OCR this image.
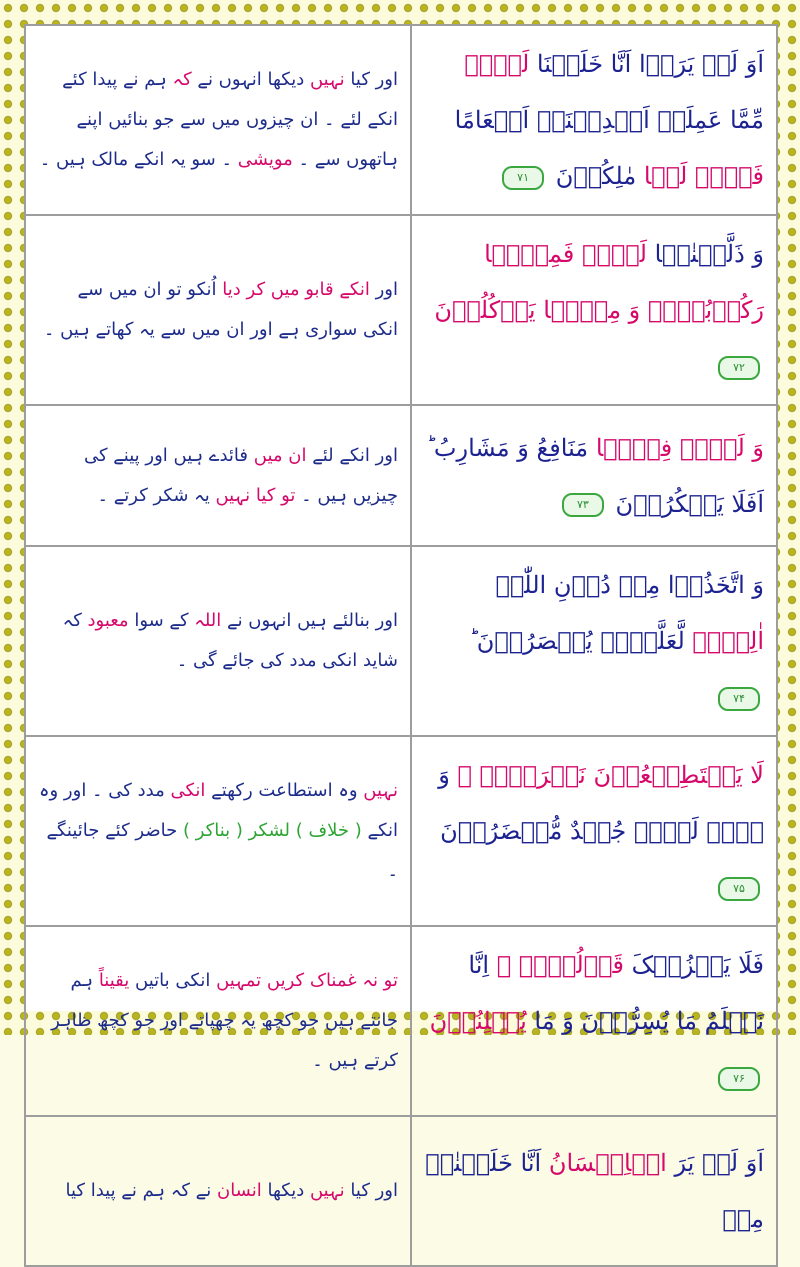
اور کیا نہیں دیکھا انہوں نے کہ ہم نے پیدا کئے انکے لئے ۔ ان چیزوں میں سے جو بنائیں اپنے ہاتھوں سے ۔ مویشی ۔ سو یہ انکے مالک ہیں ۔	اَوَ لَمۡ یَرَوۡا اَنَّا خَلَقۡنَا لَہُمۡ مِّمَّا عَمِلَتۡ اَیۡدِیۡنَاۤ اَنۡعَامًا فَہُمۡ لَہَا مٰلِکُوۡنَ ۷۱
اور انکے قابو میں کر دیا اُنکو تو ان میں سے انکی سواری ہے اور ان میں سے یہ کھاتے ہیں ۔	وَ ذَلَّلۡنٰہَا لَہُمۡ فَمِنۡہَا رَکُوۡبُہُمۡ وَ مِنۡہَا یَاۡکُلُوۡنَ ۷۲
اور انکے لئے ان میں فائدے ہیں اور پینے کی چیزیں ہیں ۔ تو کیا نہیں یہ شکر کرتے ۔	وَ لَہُمۡ فِیۡہَا مَنَافِعُ وَ مَشَارِبُ ؕ اَفَلَا یَشۡکُرُوۡنَ ۷۳
اور بنالئے ہیں انہوں نے اللہ کے سوا معبود کہ شاید انکی مدد کی جائے گی ۔	وَ اتَّخَذُوۡا مِنۡ دُوۡنِ اللّٰہِ اٰلِہَۃً لَّعَلَّہُمۡ یُنۡصَرُوۡنَ ؕ ۷۴
نہیں وہ استطاعت رکھتے انکی مدد کی ۔ اور وہ انکے ( خلاف ) لشکر ( بناکر ) حاضر کئے جائینگے ۔	لَا یَسۡتَطِیۡعُوۡنَ نَصۡرَہُمۡ ۙ وَ ہُمۡ لَہُمۡ جُنۡدٌ مُّحۡضَرُوۡنَ ۷۵
تو نہ غمناک کریں تمہیں انکی باتیں یقیناً ہم جانتے ہیں جو کچھ یہ چھپاتے اور جو کچھ ظاہر کرتے ہیں ۔	فَلَا یَحۡزُنۡکَ قَوۡلُہُمۡ ۘ اِنَّا نَعۡلَمُ مَا یُسِرُّوۡنَ وَ مَا یُعۡلِنُوۡنَ ۷۶
اور کیا نہیں دیکھا انسان نے کہ ہم نے پیدا کیا	اَوَ لَمۡ یَرَ الۡاِنۡسَانُ اَنَّا خَلَقۡنٰہُ مِنۡ
